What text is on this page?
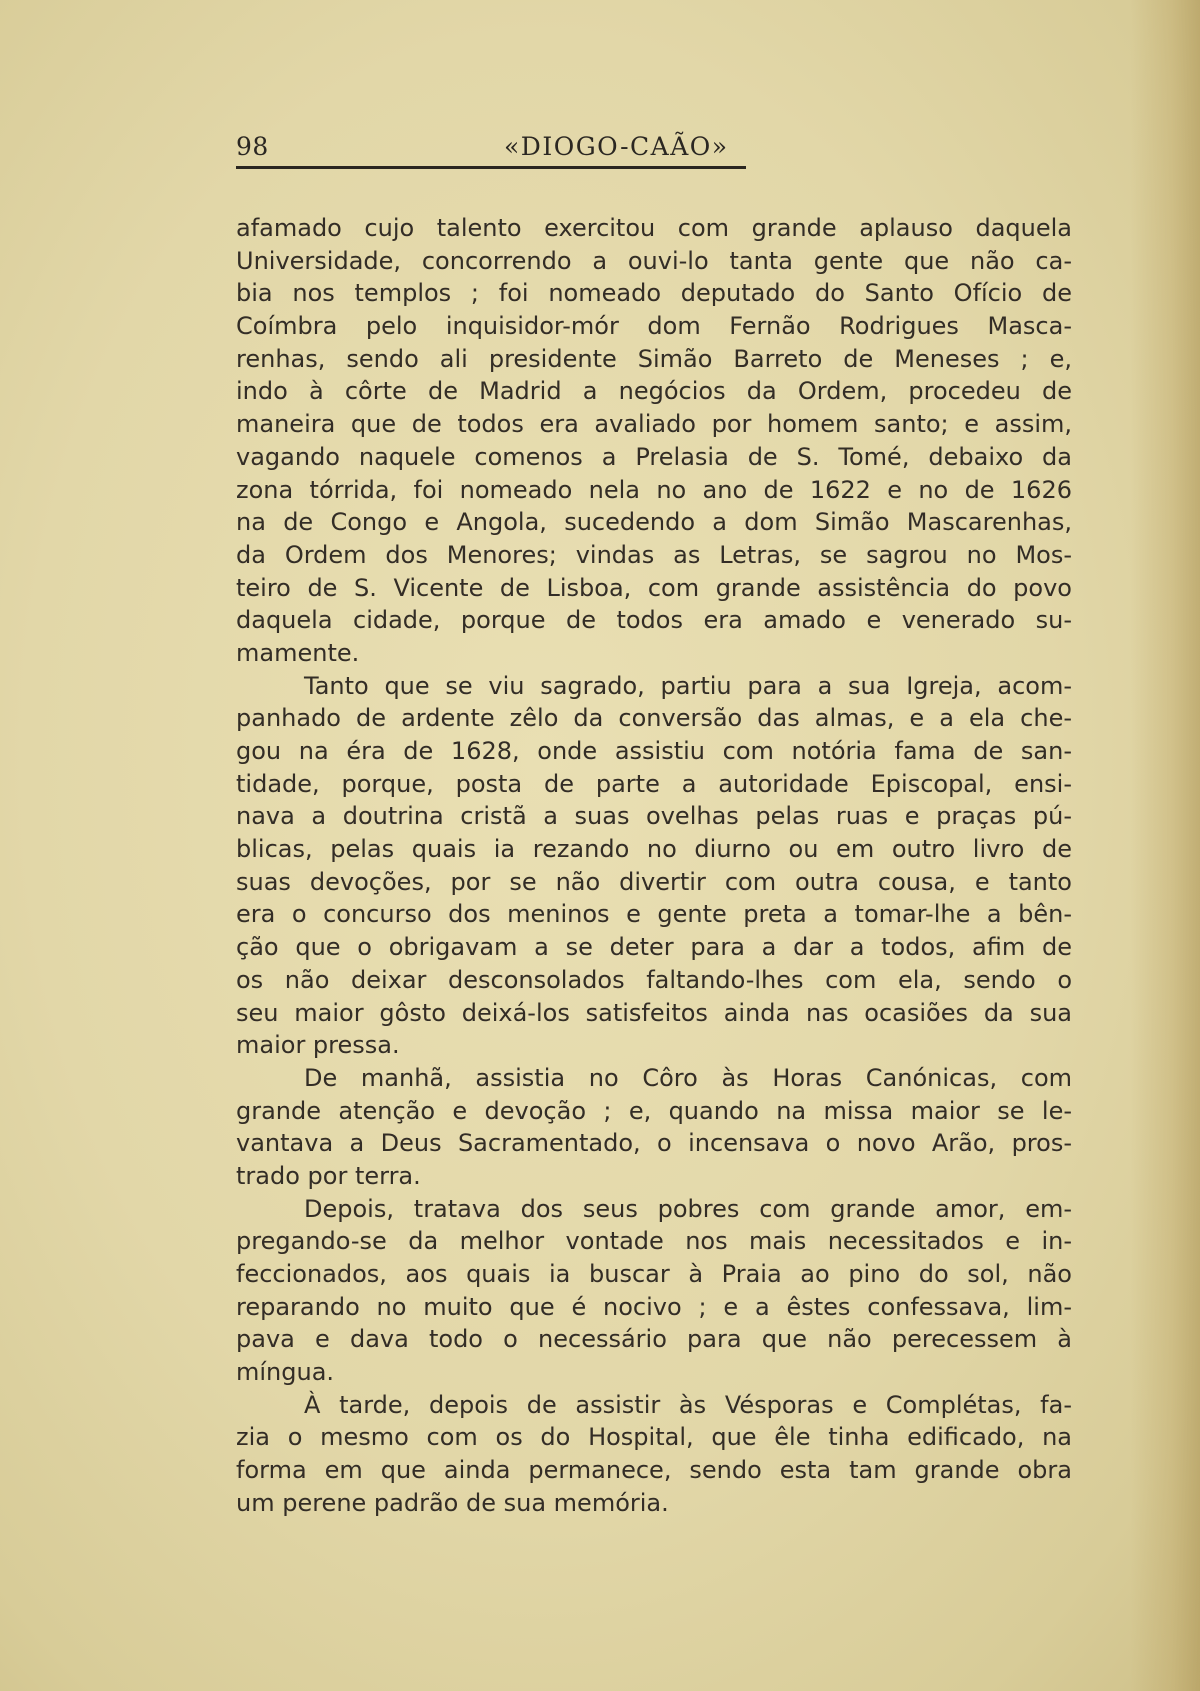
98	«DIOGO-CAÃO»
afamado cujo talento exercitou com grande aplauso daquela
Universidade, concorrendo a ouvi-lo tanta gente que não ca-
bia nos templos ; foi nomeado deputado do Santo Ofício de
Coímbra pelo inquisidor-mór dom Fernão Rodrigues Masca-
renhas, sendo ali presidente Simão Barreto de Meneses ; e,
indo à côrte de Madrid a negócios da Ordem, procedeu de
maneira que de todos era avaliado por homem santo; e assim,
vagando naquele comenos a Prelasia de S. Tomé, debaixo da
zona tórrida, foi nomeado nela no ano de 1622 e no de 1626
na de Congo e Angola, sucedendo a dom Simão Mascarenhas,
da Ordem dos Menores; vindas as Letras, se sagrou no Mos-
teiro de S. Vicente de Lisboa, com grande assistência do povo
daquela cidade, porque de todos era amado e venerado su-
mamente.
Tanto que se viu sagrado, partiu para a sua Igreja, acom-
panhado de ardente zêlo da conversão das almas, e a ela che-
gou na éra de 1628, onde assistiu com notória fama de san-
tidade, porque, posta de parte a autoridade Episcopal, ensi-
nava a doutrina cristã a suas ovelhas pelas ruas e praças pú-
blicas, pelas quais ia rezando no diurno ou em outro livro de
suas devoções, por se não divertir com outra cousa, e tanto
era o concurso dos meninos e gente preta a tomar-lhe a bên-
ção que o obrigavam a se deter para a dar a todos, afim de
os não deixar desconsolados faltando-lhes com ela, sendo o
seu maior gôsto deixá-los satisfeitos ainda nas ocasiões da sua
maior pressa.
De manhã, assistia no Côro às Horas Canónicas, com
grande atenção e devoção ; e, quando na missa maior se le-
vantava a Deus Sacramentado, o incensava o novo Arão, pros-
trado por terra.
Depois, tratava dos seus pobres com grande amor, em-
pregando-se da melhor vontade nos mais necessitados e in-
feccionados, aos quais ia buscar à Praia ao pino do sol, não
reparando no muito que é nocivo ; e a êstes confessava, lim-
pava e dava todo o necessário para que não perecessem à
míngua.
À tarde, depois de assistir às Vésporas e Complétas, fa-
zia o mesmo com os do Hospital, que êle tinha edificado, na
forma em que ainda permanece, sendo esta tam grande obra
um perene padrão de sua memória.
